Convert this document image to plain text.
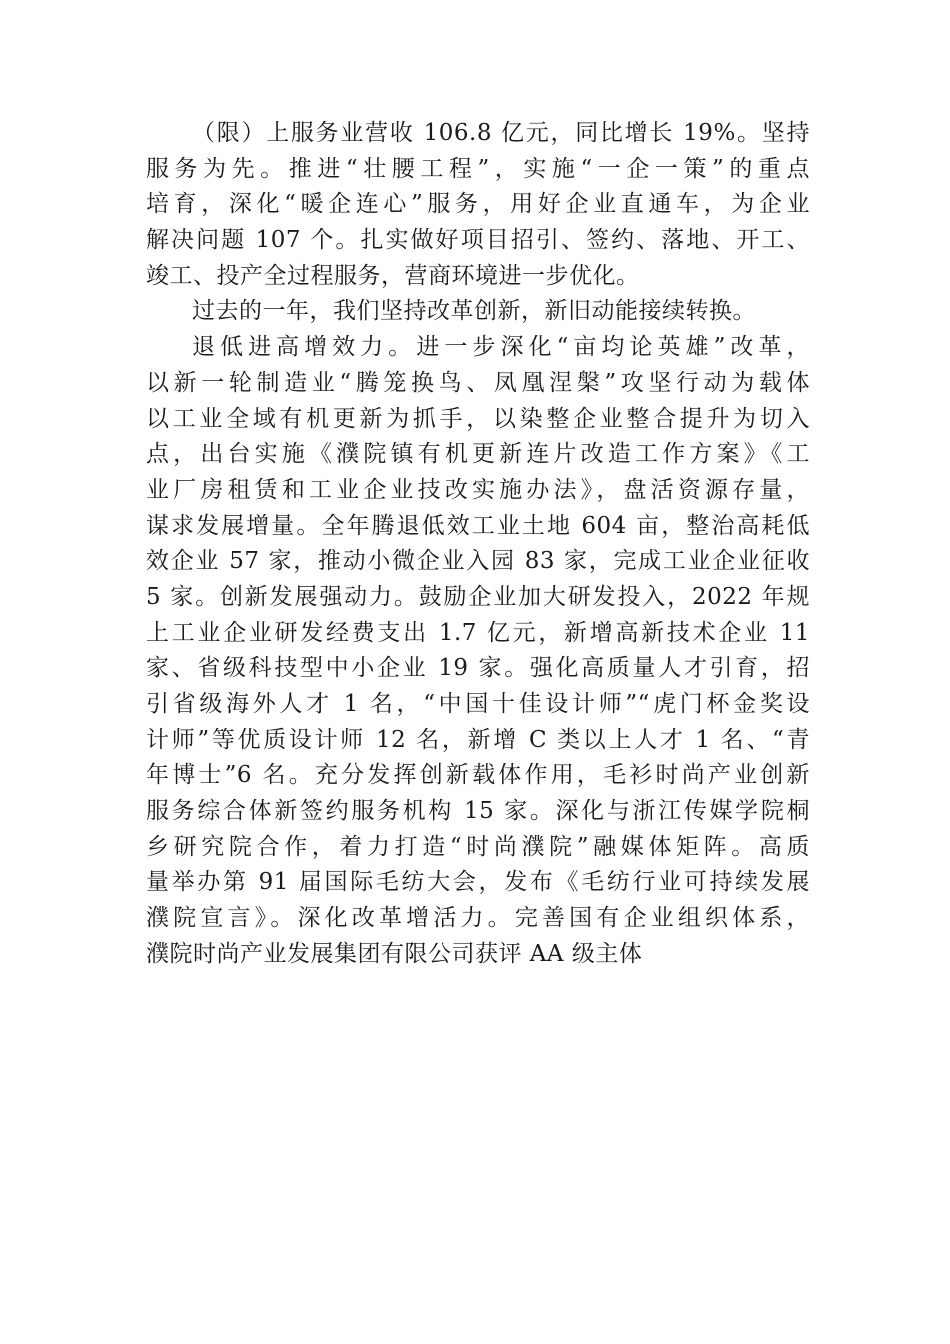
（限）上服务业营收 106.8 亿元，同比增长 19%。坚持
服务为先。推进“壮腰工程”，实施“一企一策”的重点
培育，深化“暖企连心”服务，用好企业直通车，为企业
解决问题 107 个。扎实做好项目招引、签约、落地、开工、
竣工、投产全过程服务，营商环境进一步优化。
过去的一年，我们坚持改革创新，新旧动能接续转换。
退低进高增效力。进一步深化“亩均论英雄”改革，
以新一轮制造业“腾笼换鸟、凤凰涅槃”攻坚行动为载体
以工业全域有机更新为抓手，以染整企业整合提升为切入
点，出台实施《濮院镇有机更新连片改造工作方案》《工
业厂房租赁和工业企业技改实施办法》，盘活资源存量，
谋求发展增量。全年腾退低效工业土地 604 亩，整治高耗低
效企业 57 家，推动小微企业入园 83 家，完成工业企业征收
5 家。创新发展强动力。鼓励企业加大研发投入，2022 年规
上工业企业研发经费支出 1.7 亿元，新增高新技术企业 11
家、省级科技型中小企业 19 家。强化高质量人才引育，招
引省级海外人才 1 名，“中国十佳设计师”“虎门杯金奖设
计师”等优质设计师 12 名，新增 C 类以上人才 1 名、“青
年博士”6 名。充分发挥创新载体作用，毛衫时尚产业创新
服务综合体新签约服务机构 15 家。深化与浙江传媒学院桐
乡研究院合作，着力打造“时尚濮院”融媒体矩阵。高质
量举办第 91 届国际毛纺大会，发布《毛纺行业可持续发展
濮院宣言》。深化改革增活力。完善国有企业组织体系，
濮院时尚产业发展集团有限公司获评 AA 级主体
